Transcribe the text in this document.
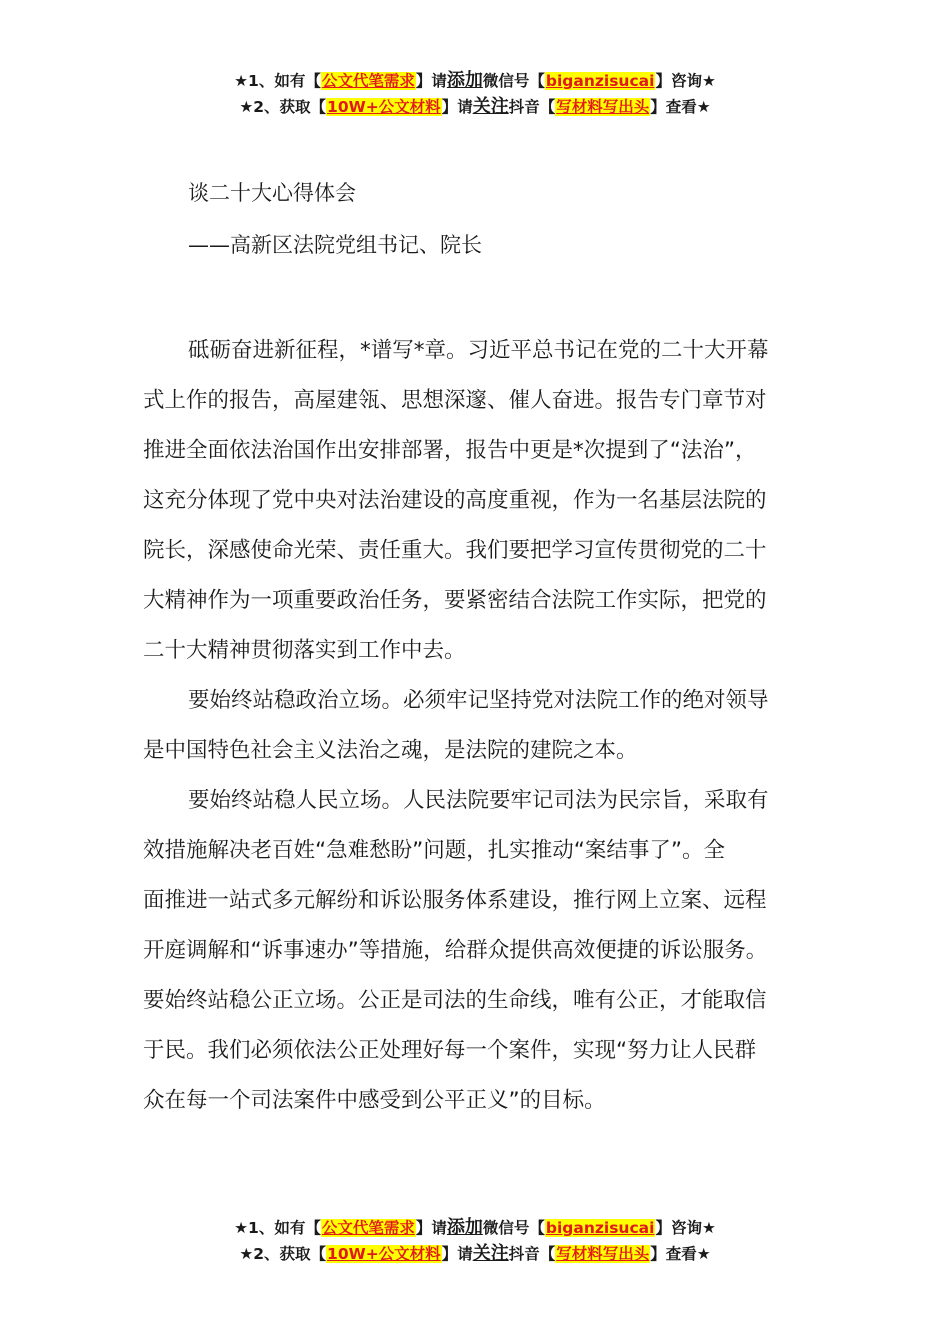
★1、如有【公文代笔需求】请添加微信号【biganzisucai】咨询★
★2、获取【10W+公文材料】请关注抖音【写材料写出头】查看★
谈二十大心得体会
——高新区法院党组书记、院长
砥砺奋进新征程，*谱写*章。习近平总书记在党的二十大开幕
式上作的报告，高屋建瓴、思想深邃、催人奋进。报告专门章节对
推进全面依法治国作出安排部署，报告中更是*次提到了“法治”，
这充分体现了党中央对法治建设的高度重视，作为一名基层法院的
院长，深感使命光荣、责任重大。我们要把学习宣传贯彻党的二十
大精神作为一项重要政治任务，要紧密结合法院工作实际，把党的
二十大精神贯彻落实到工作中去。
要始终站稳政治立场。必须牢记坚持党对法院工作的绝对领导
是中国特色社会主义法治之魂，是法院的建院之本。
要始终站稳人民立场。人民法院要牢记司法为民宗旨，采取有
效措施解决老百姓“急难愁盼”问题，扎实推动“案结事了”。全
面推进一站式多元解纷和诉讼服务体系建设，推行网上立案、远程
开庭调解和“诉事速办”等措施，给群众提供高效便捷的诉讼服务。
要始终站稳公正立场。公正是司法的生命线，唯有公正，才能取信
于民。我们必须依法公正处理好每一个案件，实现“努力让人民群
众在每一个司法案件中感受到公平正义”的目标。
★1、如有【公文代笔需求】请添加微信号【biganzisucai】咨询★
★2、获取【10W+公文材料】请关注抖音【写材料写出头】查看★
